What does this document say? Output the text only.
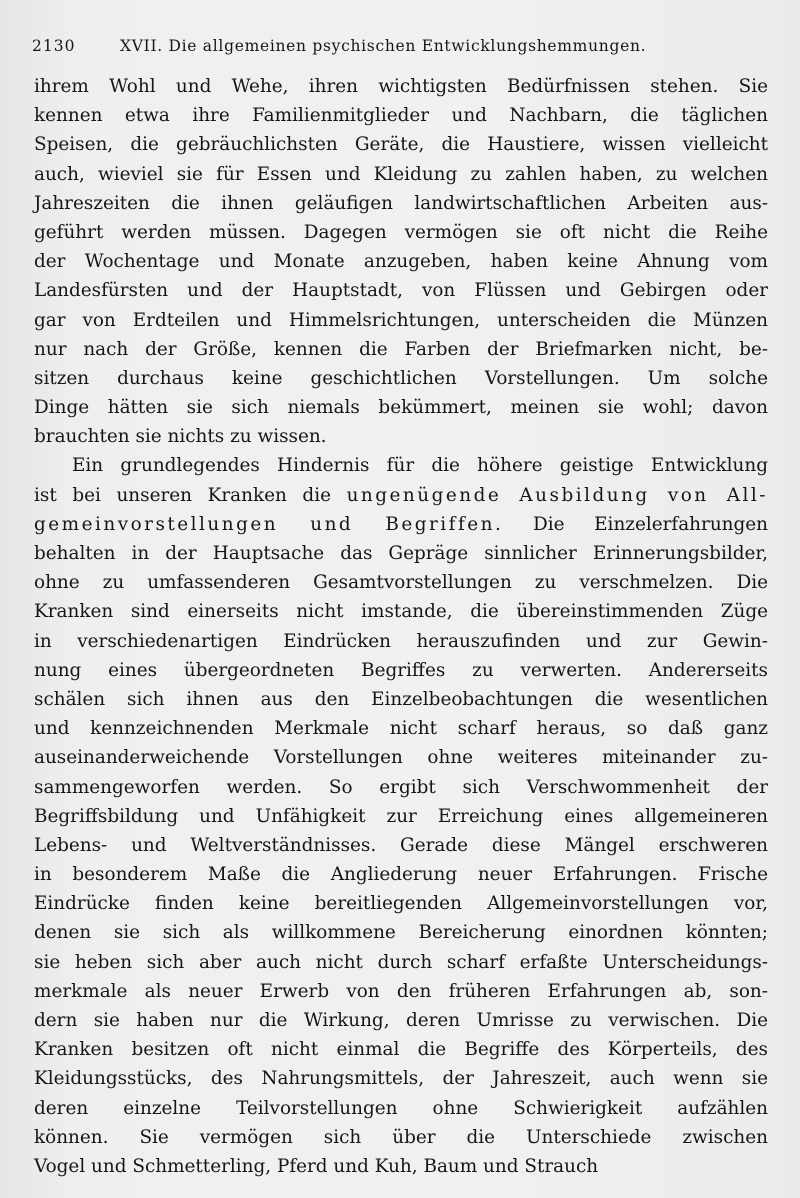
2130	XVII. Die allgemeinen psychischen Entwicklungshemmungen.
ihrem Wohl und Wehe, ihren wichtigsten Bedürfnissen stehen. Sie
kennen etwa ihre Familienmitglieder und Nachbarn, die täglichen
Speisen, die gebräuchlichsten Geräte, die Haustiere, wissen vielleicht
auch, wieviel sie für Essen und Kleidung zu zahlen haben, zu welchen
Jahreszeiten die ihnen geläufigen landwirtschaftlichen Arbeiten aus-
geführt werden müssen. Dagegen vermögen sie oft nicht die Reihe
der Wochentage und Monate anzugeben, haben keine Ahnung vom
Landesfürsten und der Hauptstadt, von Flüssen und Gebirgen oder
gar von Erdteilen und Himmelsrichtungen, unterscheiden die Münzen
nur nach der Größe, kennen die Farben der Briefmarken nicht, be-
sitzen durchaus keine geschichtlichen Vorstellungen. Um solche
Dinge hätten sie sich niemals bekümmert, meinen sie wohl; davon
brauchten sie nichts zu wissen.
Ein grundlegendes Hindernis für die höhere geistige Entwicklung
ist bei unseren Kranken die ungenügende Ausbildung von All-
gemeinvorstellungen und Begriffen. Die Einzelerfahrungen
behalten in der Hauptsache das Gepräge sinnlicher Erinnerungsbilder,
ohne zu umfassenderen Gesamtvorstellungen zu verschmelzen. Die
Kranken sind einerseits nicht imstande, die übereinstimmenden Züge
in verschiedenartigen Eindrücken herauszufinden und zur Gewin-
nung eines übergeordneten Begriffes zu verwerten. Andererseits
schälen sich ihnen aus den Einzelbeobachtungen die wesentlichen
und kennzeichnenden Merkmale nicht scharf heraus, so daß ganz
auseinanderweichende Vorstellungen ohne weiteres miteinander zu-
sammengeworfen werden. So ergibt sich Verschwommenheit der
Begriffsbildung und Unfähigkeit zur Erreichung eines allgemeineren
Lebens- und Weltverständnisses. Gerade diese Mängel erschweren
in besonderem Maße die Angliederung neuer Erfahrungen. Frische
Eindrücke finden keine bereitliegenden Allgemeinvorstellungen vor,
denen sie sich als willkommene Bereicherung einordnen könnten;
sie heben sich aber auch nicht durch scharf erfaßte Unterscheidungs-
merkmale als neuer Erwerb von den früheren Erfahrungen ab, son-
dern sie haben nur die Wirkung, deren Umrisse zu verwischen. Die
Kranken besitzen oft nicht einmal die Begriffe des Körperteils, des
Kleidungsstücks, des Nahrungsmittels, der Jahreszeit, auch wenn sie
deren einzelne Teilvorstellungen ohne Schwierigkeit aufzählen
können. Sie vermögen sich über die Unterschiede zwischen
Vogel und Schmetterling, Pferd und Kuh, Baum und Strauch
